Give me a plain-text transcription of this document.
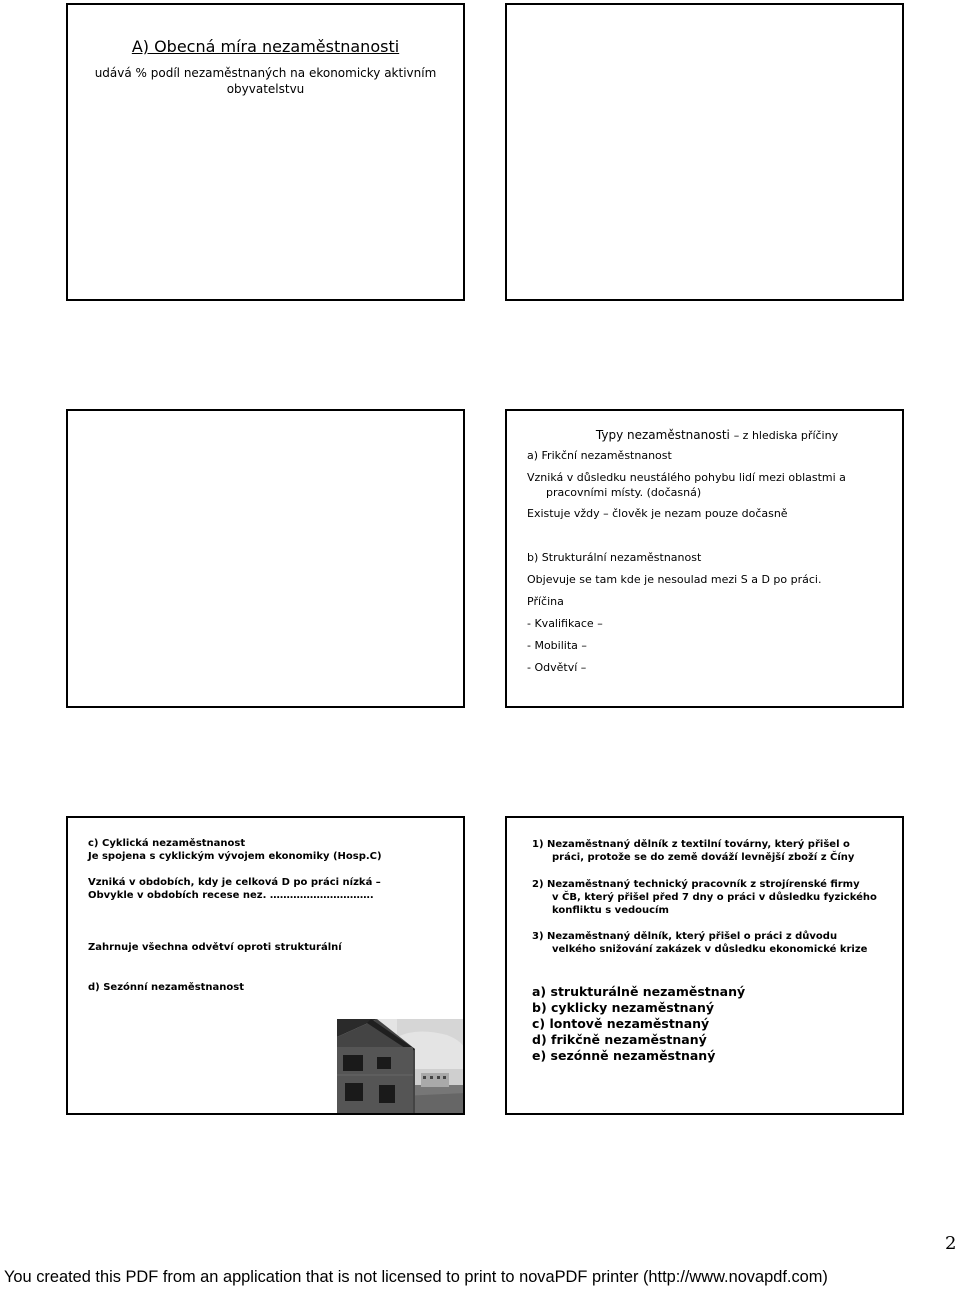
A) Obecná míra nezaměstnanosti
udává % podíl nezaměstnaných na ekonomicky aktivním obyvatelstvu
Typy nezaměstnanosti – z hlediska příčiny
a) Frikční nezaměstnanost
Vzniká v důsledku neustálého pohybu lidí mezi oblastmi a
pracovními místy. (dočasná)
Existuje vždy – člověk je nezam pouze dočasně
b) Strukturální nezaměstnanost
Objevuje se tam kde je nesoulad mezi S a D po práci.
Příčina
- Kvalifikace –
- Mobilita –
- Odvětví –
c) Cyklická nezaměstnanost
Je spojena s cyklickým vývojem ekonomiky (Hosp.C)
Vzniká v obdobích, kdy je celková D po práci nízká –
Obvykle v obdobích recese nez. ………………………….
Zahrnuje všechna odvětví oproti strukturální
d) Sezónní nezaměstnanost
1) Nezaměstnaný dělník z textilní továrny, který přišel o
práci, protože se do země dováží levnější zboží z Číny
2) Nezaměstnaný technický pracovník z strojírenské firmy
v ČB, který přišel před 7 dny o práci v důsledku fyzického
konfliktu s vedoucím
3) Nezaměstnaný dělník, který přišel o práci z důvodu
velkého snižování zakázek v důsledku ekonomické krize
a) strukturálně nezaměstnaný
b) cyklicky nezaměstnaný
c) lontově nezaměstnaný
d) frikčně nezaměstnaný
e) sezónně nezaměstnaný
2
You created this PDF from an application that is not licensed to print to novaPDF printer (http://www.novapdf.com)
